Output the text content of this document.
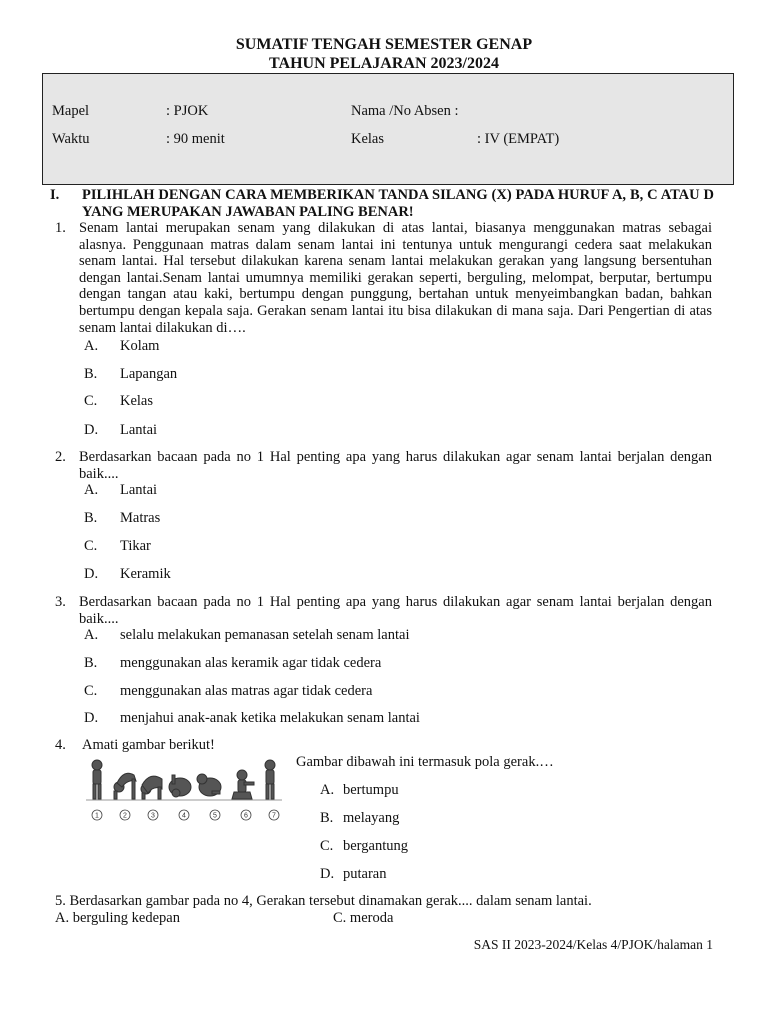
SUMATIF TENGAH SEMESTER GENAP
TAHUN PELAJARAN 2023/2024
Mapel	: PJOK	Nama /No Absen :
Waktu	: 90 menit	Kelas	: IV (EMPAT)
I. PILIHLAH DENGAN CARA MEMBERIKAN TANDA SILANG (X) PADA HURUF A, B, C ATAU D YANG MERUPAKAN JAWABAN PALING BENAR!
1. Senam lantai merupakan senam yang dilakukan di atas lantai, biasanya menggunakan matras sebagai alasnya. Penggunaan matras dalam senam lantai ini tentunya untuk mengurangi cedera saat melakukan senam lantai. Hal tersebut dilakukan karena senam lantai melakukan gerakan yang langsung bersentuhan dengan lantai.Senam lantai umumnya memiliki gerakan seperti, berguling, melompat, berputar, bertumpu dengan tangan atau kaki, bertumpu dengan punggung, bertahan untuk menyeimbangkan badan, bahkan bertumpu dengan kepala saja. Gerakan senam lantai itu bisa dilakukan di mana saja. Dari Pengertian di atas senam lantai dilakukan di….
A. Kolam
B. Lapangan
C. Kelas
D. Lantai
2. Berdasarkan bacaan pada no 1 Hal penting apa yang harus dilakukan agar senam lantai berjalan dengan baik....
A. Lantai
B. Matras
C. Tikar
D. Keramik
3. Berdasarkan bacaan pada no 1 Hal penting apa yang harus dilakukan agar senam lantai berjalan dengan baik....
A. selalu melakukan pemanasan setelah senam lantai
B. menggunakan alas keramik agar tidak cedera
C. menggunakan alas matras agar tidak cedera
D. menjahui anak-anak ketika melakukan senam lantai
4. Amati gambar berikut!
Gambar dibawah ini termasuk pola gerak.…
1	2	3	4	5	6	7
A. bertumpu
B. melayang
C. bergantung
D. putaran
5. Berdasarkan gambar pada no 4, Gerakan tersebut dinamakan gerak.... dalam senam lantai.
A. berguling kedepan	C. meroda
SAS II 2023-2024/Kelas 4/PJOK/halaman 1
